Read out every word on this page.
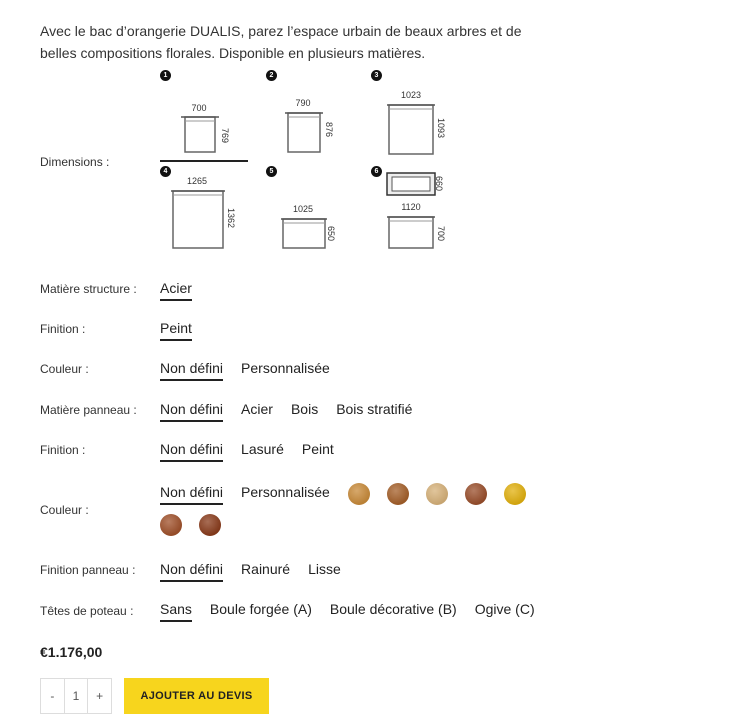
Avec le bac d’orangerie DUALIS, parez l’espace urbain de beaux arbres et de belles compositions florales. Disponible en plusieurs matières.

Dimensions :
1
700
769
2
790
876
3
1023
1093
4
1265
1362
5
1025
650
6
660
1120
700
Matière structure : Acier
Finition :	Peint
Couleur :	Non défini Personnalisée
Matière panneau : Non défini Acier Bois Bois stratifié
Finition :	Non défini Lasuré Peint
Couleur :
Non défini Personnalisée
Finition panneau : Non défini Rainuré Lisse
Têtes de poteau : Sans Boule forgée (A) Boule décorative (B) Ogive (C)
€1.176,00
-	1	+	AJOUTER AU DEVIS
